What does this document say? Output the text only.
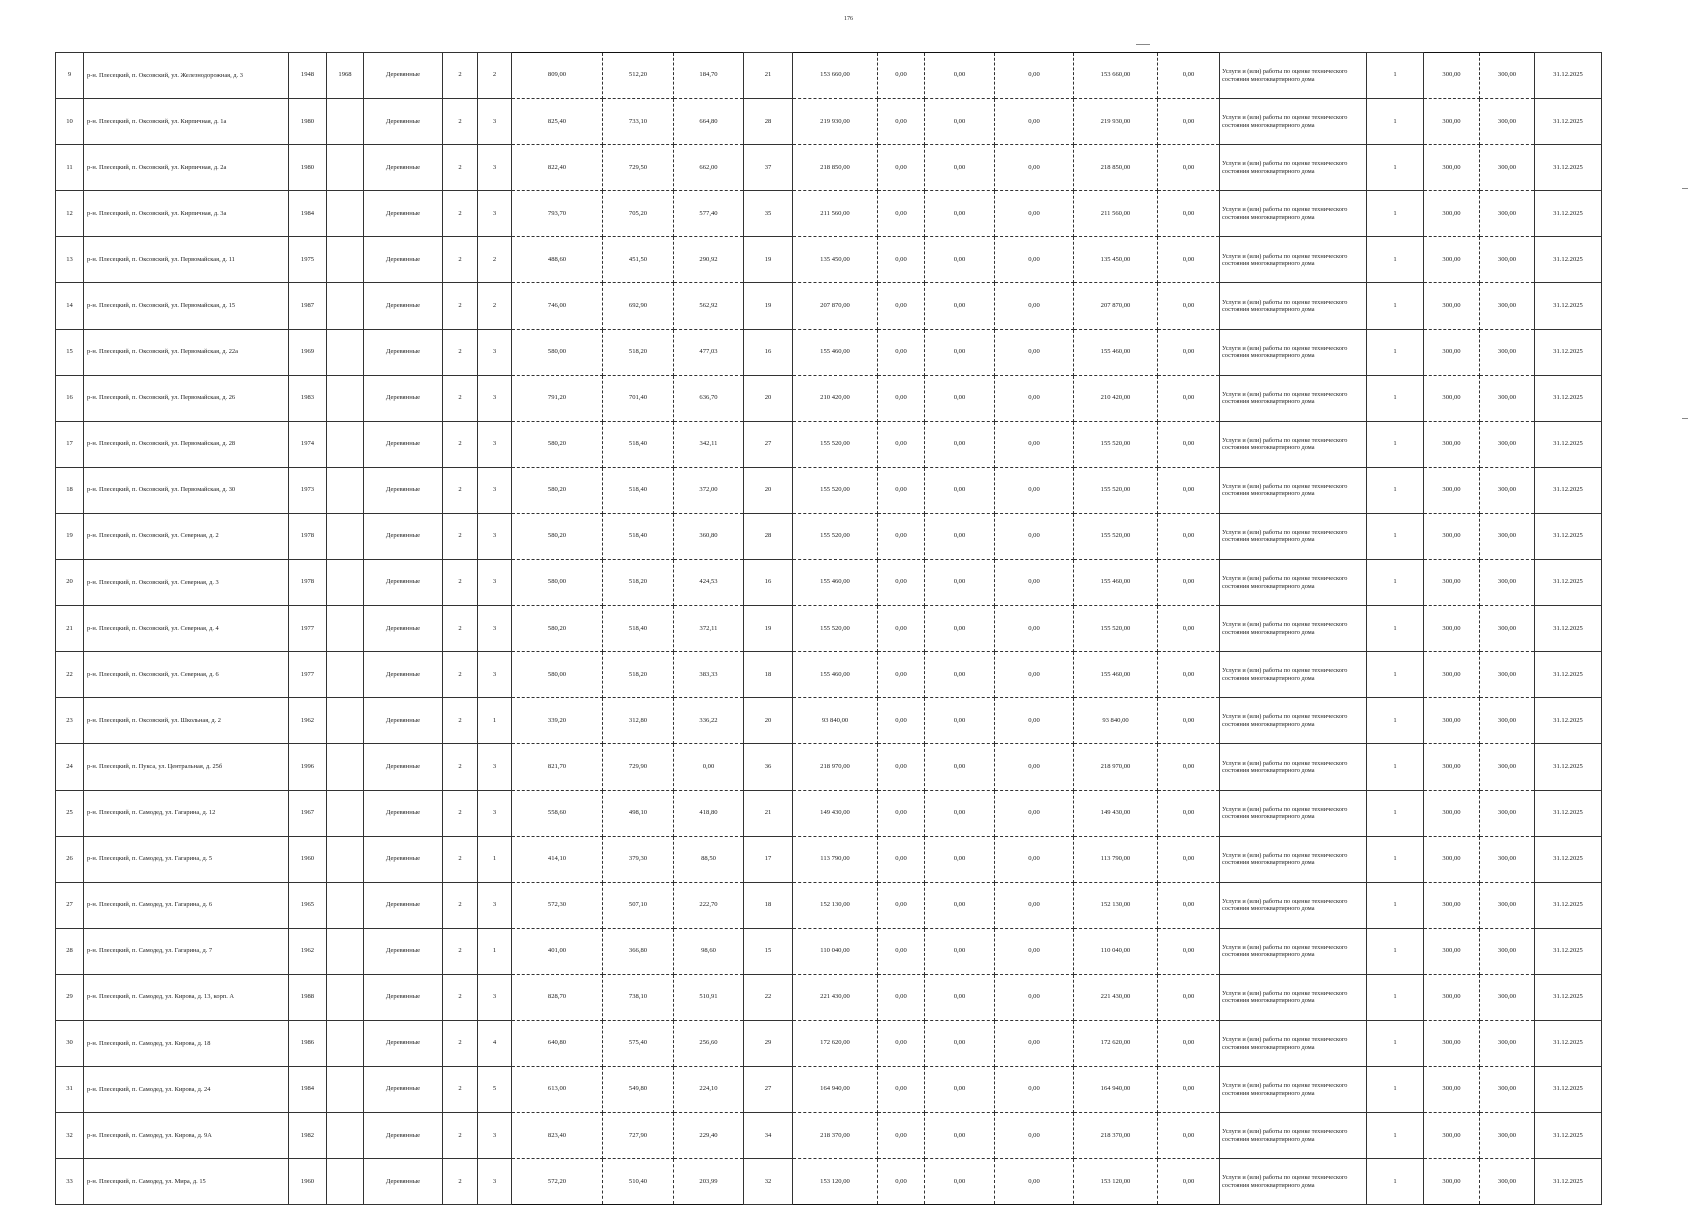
176
9	р-н. Плесецкий, п. Оксовский, ул. Железнодорожная, д. 3	1948	1968	Деревянные	2	2	809,00	512,20	184,70	21	153 660,00	0,00	0,00	0,00	153 660,00	0,00	Услуги и (или) работы по оценке технического состояния многоквартирного дома	1	300,00	300,00	31.12.2025
10	р-н. Плесецкий, п. Оксовский, ул. Кирпичная, д. 1а	1980		Деревянные	2	3	825,40	733,10	664,80	28	219 930,00	0,00	0,00	0,00	219 930,00	0,00	Услуги и (или) работы по оценке технического состояния многоквартирного дома	1	300,00	300,00	31.12.2025
11	р-н. Плесецкий, п. Оксовский, ул. Кирпичная, д. 2а	1980		Деревянные	2	3	822,40	729,50	662,00	37	218 850,00	0,00	0,00	0,00	218 850,00	0,00	Услуги и (или) работы по оценке технического состояния многоквартирного дома	1	300,00	300,00	31.12.2025
12	р-н. Плесецкий, п. Оксовский, ул. Кирпичная, д. 3а	1984		Деревянные	2	3	793,70	705,20	577,40	35	211 560,00	0,00	0,00	0,00	211 560,00	0,00	Услуги и (или) работы по оценке технического состояния многоквартирного дома	1	300,00	300,00	31.12.2025
13	р-н. Плесецкий, п. Оксовский, ул. Первомайская, д. 11	1975		Деревянные	2	2	488,60	451,50	290,92	19	135 450,00	0,00	0,00	0,00	135 450,00	0,00	Услуги и (или) работы по оценке технического состояния многоквартирного дома	1	300,00	300,00	31.12.2025
14	р-н. Плесецкий, п. Оксовский, ул. Первомайская, д. 15	1987		Деревянные	2	2	746,00	692,90	562,92	19	207 870,00	0,00	0,00	0,00	207 870,00	0,00	Услуги и (или) работы по оценке технического состояния многоквартирного дома	1	300,00	300,00	31.12.2025
15	р-н. Плесецкий, п. Оксовский, ул. Первомайская, д. 22а	1969		Деревянные	2	3	580,00	518,20	477,03	16	155 460,00	0,00	0,00	0,00	155 460,00	0,00	Услуги и (или) работы по оценке технического состояния многоквартирного дома	1	300,00	300,00	31.12.2025
16	р-н. Плесецкий, п. Оксовский, ул. Первомайская, д. 26	1983		Деревянные	2	3	791,20	701,40	636,70	20	210 420,00	0,00	0,00	0,00	210 420,00	0,00	Услуги и (или) работы по оценке технического состояния многоквартирного дома	1	300,00	300,00	31.12.2025
17	р-н. Плесецкий, п. Оксовский, ул. Первомайская, д. 28	1974		Деревянные	2	3	580,20	518,40	342,11	27	155 520,00	0,00	0,00	0,00	155 520,00	0,00	Услуги и (или) работы по оценке технического состояния многоквартирного дома	1	300,00	300,00	31.12.2025
18	р-н. Плесецкий, п. Оксовский, ул. Первомайская, д. 30	1973		Деревянные	2	3	580,20	518,40	372,00	20	155 520,00	0,00	0,00	0,00	155 520,00	0,00	Услуги и (или) работы по оценке технического состояния многоквартирного дома	1	300,00	300,00	31.12.2025
19	р-н. Плесецкий, п. Оксовский, ул. Северная, д. 2	1978		Деревянные	2	3	580,20	518,40	360,80	28	155 520,00	0,00	0,00	0,00	155 520,00	0,00	Услуги и (или) работы по оценке технического состояния многоквартирного дома	1	300,00	300,00	31.12.2025
20	р-н. Плесецкий, п. Оксовский, ул. Северная, д. 3	1978		Деревянные	2	3	580,00	518,20	424,53	16	155 460,00	0,00	0,00	0,00	155 460,00	0,00	Услуги и (или) работы по оценке технического состояния многоквартирного дома	1	300,00	300,00	31.12.2025
21	р-н. Плесецкий, п. Оксовский, ул. Северная, д. 4	1977		Деревянные	2	3	580,20	518,40	372,11	19	155 520,00	0,00	0,00	0,00	155 520,00	0,00	Услуги и (или) работы по оценке технического состояния многоквартирного дома	1	300,00	300,00	31.12.2025
22	р-н. Плесецкий, п. Оксовский, ул. Северная, д. 6	1977		Деревянные	2	3	580,00	518,20	383,33	18	155 460,00	0,00	0,00	0,00	155 460,00	0,00	Услуги и (или) работы по оценке технического состояния многоквартирного дома	1	300,00	300,00	31.12.2025
23	р-н. Плесецкий, п. Оксовский, ул. Школьная, д. 2	1962		Деревянные	2	1	339,20	312,80	336,22	20	93 840,00	0,00	0,00	0,00	93 840,00	0,00	Услуги и (или) работы по оценке технического состояния многоквартирного дома	1	300,00	300,00	31.12.2025
24	р-н. Плесецкий, п. Пукса, ул. Центральная, д. 25б	1996		Деревянные	2	3	821,70	729,90	0,00	36	218 970,00	0,00	0,00	0,00	218 970,00	0,00	Услуги и (или) работы по оценке технического состояния многоквартирного дома	1	300,00	300,00	31.12.2025
25	р-н. Плесецкий, п. Самодед, ул. Гагарина, д. 12	1967		Деревянные	2	3	558,60	498,10	418,80	21	149 430,00	0,00	0,00	0,00	149 430,00	0,00	Услуги и (или) работы по оценке технического состояния многоквартирного дома	1	300,00	300,00	31.12.2025
26	р-н. Плесецкий, п. Самодед, ул. Гагарина, д. 5	1960		Деревянные	2	1	414,10	379,30	88,50	17	113 790,00	0,00	0,00	0,00	113 790,00	0,00	Услуги и (или) работы по оценке технического состояния многоквартирного дома	1	300,00	300,00	31.12.2025
27	р-н. Плесецкий, п. Самодед, ул. Гагарина, д. 6	1965		Деревянные	2	3	572,30	507,10	222,70	18	152 130,00	0,00	0,00	0,00	152 130,00	0,00	Услуги и (или) работы по оценке технического состояния многоквартирного дома	1	300,00	300,00	31.12.2025
28	р-н. Плесецкий, п. Самодед, ул. Гагарина, д. 7	1962		Деревянные	2	1	401,00	366,80	98,60	15	110 040,00	0,00	0,00	0,00	110 040,00	0,00	Услуги и (или) работы по оценке технического состояния многоквартирного дома	1	300,00	300,00	31.12.2025
29	р-н. Плесецкий, п. Самодед, ул. Кирова, д. 13, корп. А	1988		Деревянные	2	3	828,70	738,10	510,91	22	221 430,00	0,00	0,00	0,00	221 430,00	0,00	Услуги и (или) работы по оценке технического состояния многоквартирного дома	1	300,00	300,00	31.12.2025
30	р-н. Плесецкий, п. Самодед, ул. Кирова, д. 18	1986		Деревянные	2	4	640,80	575,40	256,60	29	172 620,00	0,00	0,00	0,00	172 620,00	0,00	Услуги и (или) работы по оценке технического состояния многоквартирного дома	1	300,00	300,00	31.12.2025
31	р-н. Плесецкий, п. Самодед, ул. Кирова, д. 24	1984		Деревянные	2	5	613,00	549,80	224,10	27	164 940,00	0,00	0,00	0,00	164 940,00	0,00	Услуги и (или) работы по оценке технического состояния многоквартирного дома	1	300,00	300,00	31.12.2025
32	р-н. Плесецкий, п. Самодед, ул. Кирова, д. 9А	1982		Деревянные	2	3	823,40	727,90	229,40	34	218 370,00	0,00	0,00	0,00	218 370,00	0,00	Услуги и (или) работы по оценке технического состояния многоквартирного дома	1	300,00	300,00	31.12.2025
33	р-н. Плесецкий, п. Самодед, ул. Мира, д. 15	1960		Деревянные	2	3	572,20	510,40	203,99	32	153 120,00	0,00	0,00	0,00	153 120,00	0,00	Услуги и (или) работы по оценке технического состояния многоквартирного дома	1	300,00	300,00	31.12.2025
